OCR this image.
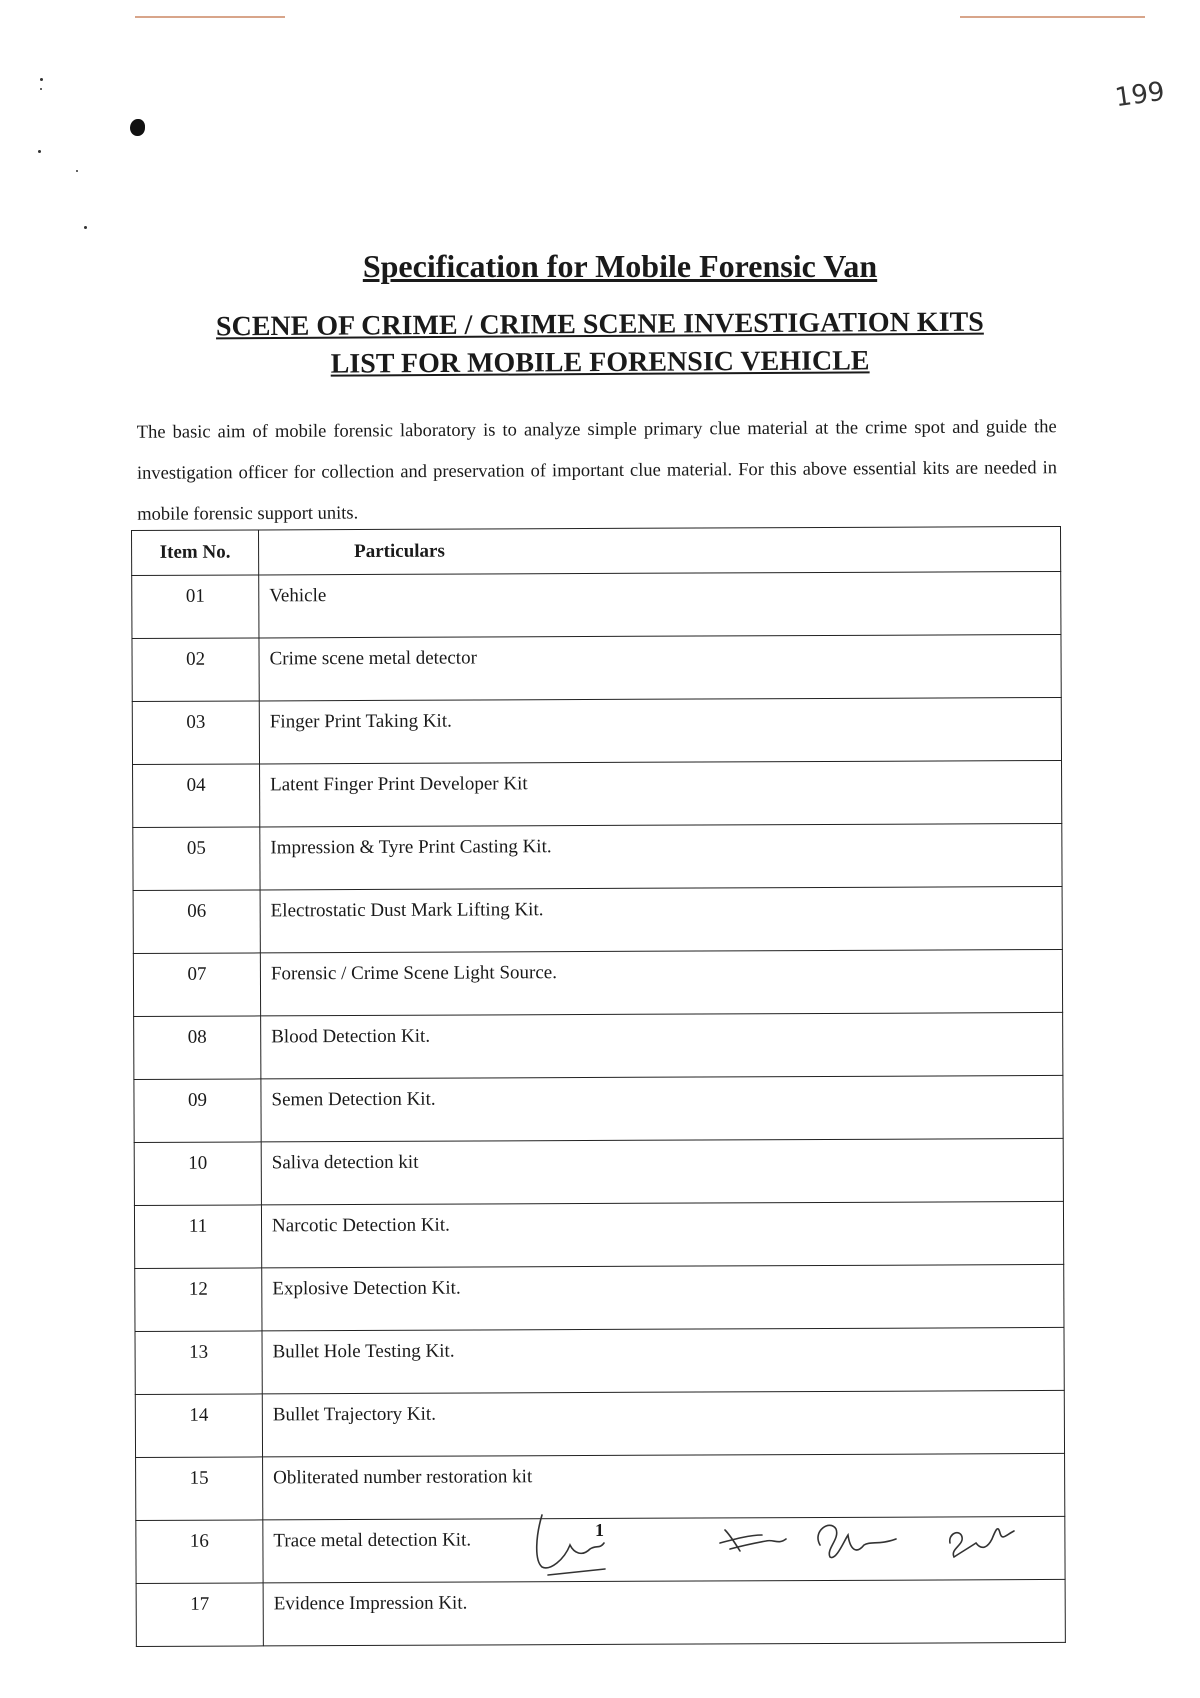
199
Specification for Mobile Forensic Van
SCENE OF CRIME / CRIME SCENE INVESTIGATION KITS
LIST FOR MOBILE FORENSIC VEHICLE

The basic aim of mobile forensic laboratory is to analyze simple primary clue material at the crime spot and guide the investigation officer for collection and preservation of important clue material. For this above essential kits are needed in mobile forensic support units.

Item No.	Particulars
01	Vehicle
02	Crime scene metal detector
03	Finger Print Taking Kit.
04	Latent Finger Print Developer Kit
05	Impression & Tyre Print Casting Kit.
06	Electrostatic Dust Mark Lifting Kit.
07	Forensic / Crime Scene Light Source.
08	Blood Detection Kit.
09	Semen Detection Kit.
10	Saliva detection kit
11	Narcotic Detection Kit.
12	Explosive Detection Kit.
13	Bullet Hole Testing Kit.
14	Bullet Trajectory Kit.
15	Obliterated number restoration kit
16	Trace metal detection Kit.
17	Evidence Impression Kit.
1
